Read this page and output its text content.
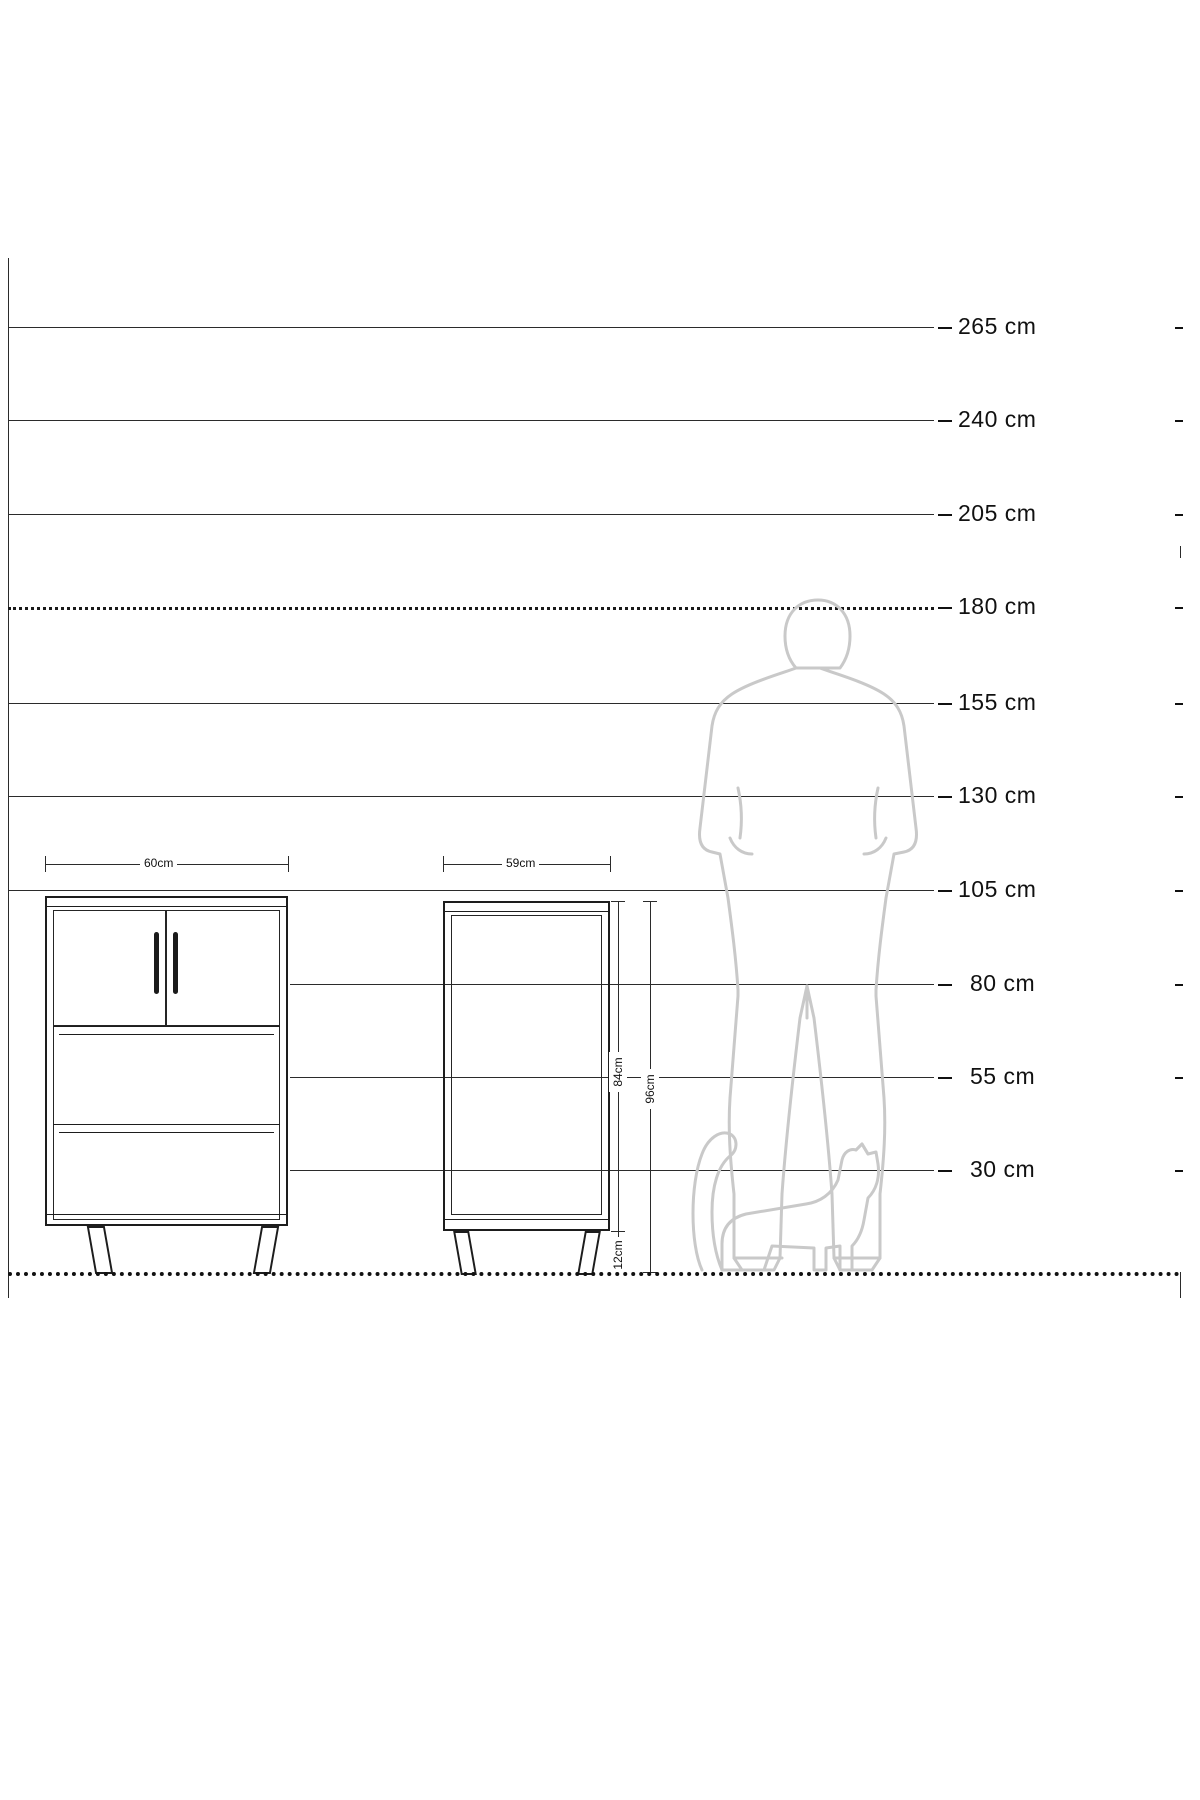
265 cm
240 cm
205 cm
180 cm
155 cm
130 cm
105 cm
80 cm
55 cm
30 cm
60cm	59cm
84cm
12cm
96cm
